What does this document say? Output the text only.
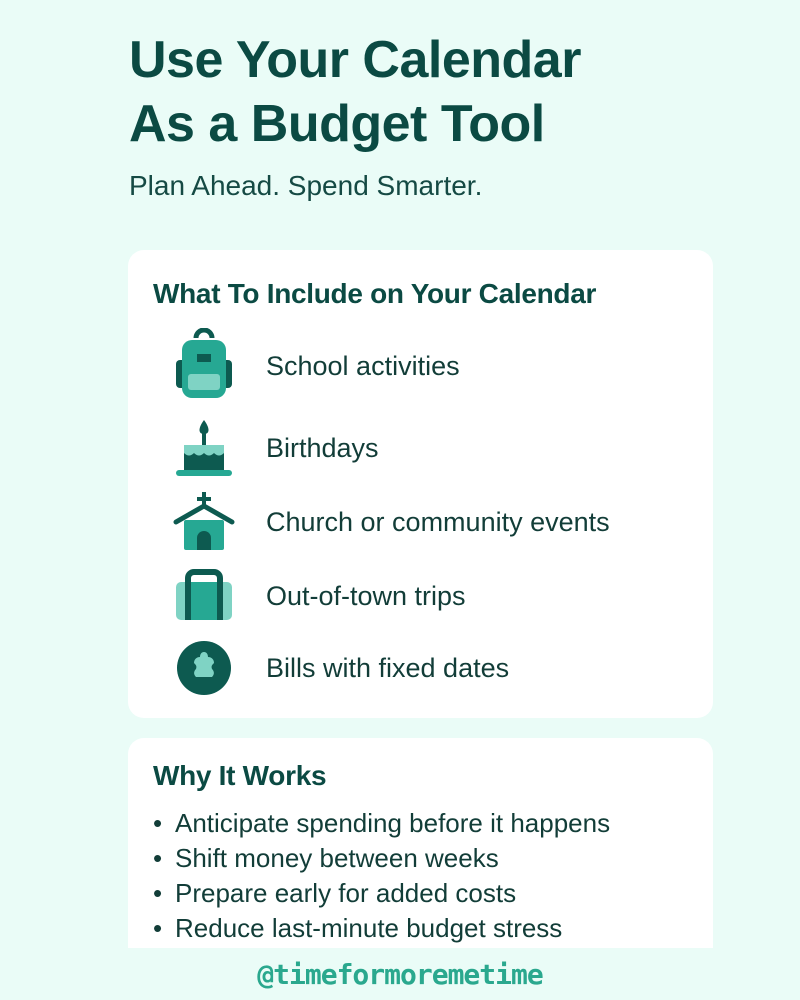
Use Your Calendar
As a Budget Tool
Plan Ahead. Spend Smarter.
What To Include on Your Calendar
School activities
Birthdays
Church or community events
Out-of-town trips
Bills with fixed dates
Why It Works
• Anticipate spending before it happens
• Shift money between weeks
• Prepare early for added costs
• Reduce last-minute budget stress
@timeformoremetime
